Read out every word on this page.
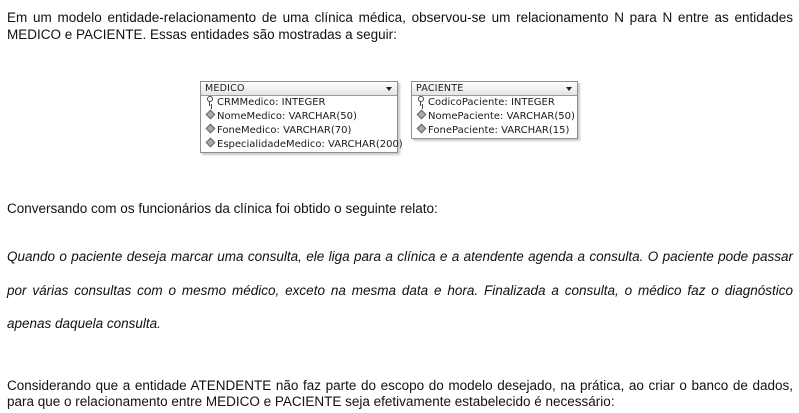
Em um modelo entidade-relacionamento de uma clínica médica, observou-se um relacionamento N para N entre as entidades

MEDICO e PACIENTE. Essas entidades são mostradas a seguir:

MEDICO
CRMMedico: INTEGER
NomeMedico: VARCHAR(50)
FoneMedico: VARCHAR(70)
EspecialidadeMedico: VARCHAR(200)
PACIENTE
CodicoPaciente: INTEGER
NomePaciente: VARCHAR(50)
FonePaciente: VARCHAR(15)

Conversando com os funcionários da clínica foi obtido o seguinte relato:

Quando o paciente deseja marcar uma consulta, ele liga para a clínica e a atendente agenda a consulta. O paciente pode passar

por várias consultas com o mesmo médico, exceto na mesma data e hora. Finalizada a consulta, o médico faz o diagnóstico

apenas daquela consulta.

Considerando que a entidade ATENDENTE não faz parte do escopo do modelo desejado, na prática, ao criar o banco de dados,

para que o relacionamento entre MEDICO e PACIENTE seja efetivamente estabelecido é necessário:
